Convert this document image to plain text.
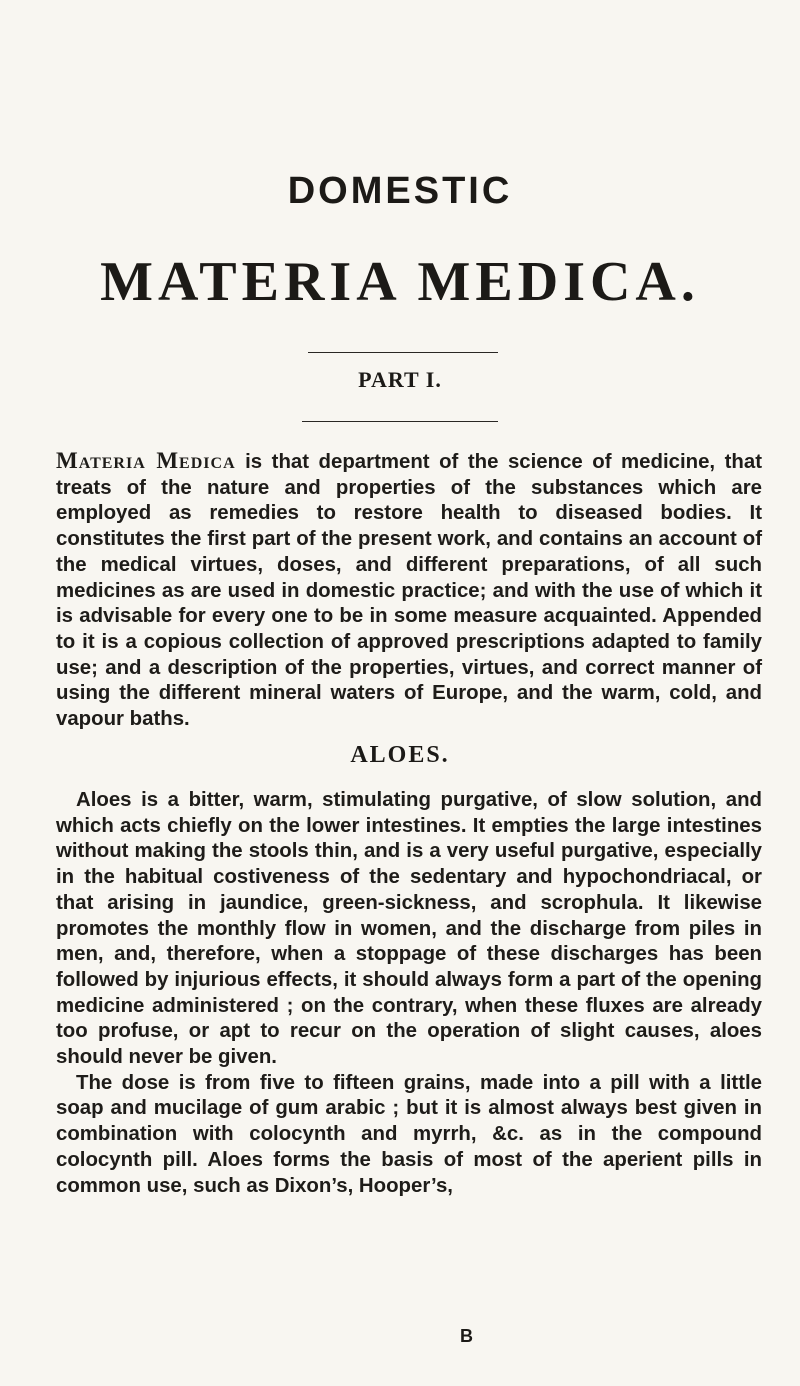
DOMESTIC
MATERIA MEDICA.
PART I.

Materia Medica is that department of the science of medicine, that treats of the nature and properties of the substances which are employed as remedies to restore health to diseased bodies. It constitutes the first part of the present work, and contains an account of the medical virtues, doses, and different preparations, of all such medicines as are used in domestic practice; and with the use of which it is advisable for every one to be in some measure acquainted. Appended to it is a copious collection of approved prescriptions adapted to family use; and a description of the properties, virtues, and correct manner of using the different mineral waters of Europe, and the warm, cold, and vapour baths.

ALOES.

Aloes is a bitter, warm, stimulating purgative, of slow solution, and which acts chiefly on the lower intestines. It empties the large intestines without making the stools thin, and is a very useful purgative, especially in the habitual costiveness of the sedentary and hypochondriacal, or that arising in jaundice, green-sickness, and scrophula. It likewise promotes the monthly flow in women, and the discharge from piles in men, and, therefore, when a stoppage of these discharges has been followed by injurious effects, it should always form a part of the opening medicine administered ; on the contrary, when these fluxes are already too profuse, or apt to recur on the operation of slight causes, aloes should never be given.

The dose is from five to fifteen grains, made into a pill with a little soap and mucilage of gum arabic ; but it is almost always best given in combination with colocynth and myrrh, &c. as in the compound colocynth pill. Aloes forms the basis of most of the aperient pills in common use, such as Dixon’s, Hooper’s,

B
